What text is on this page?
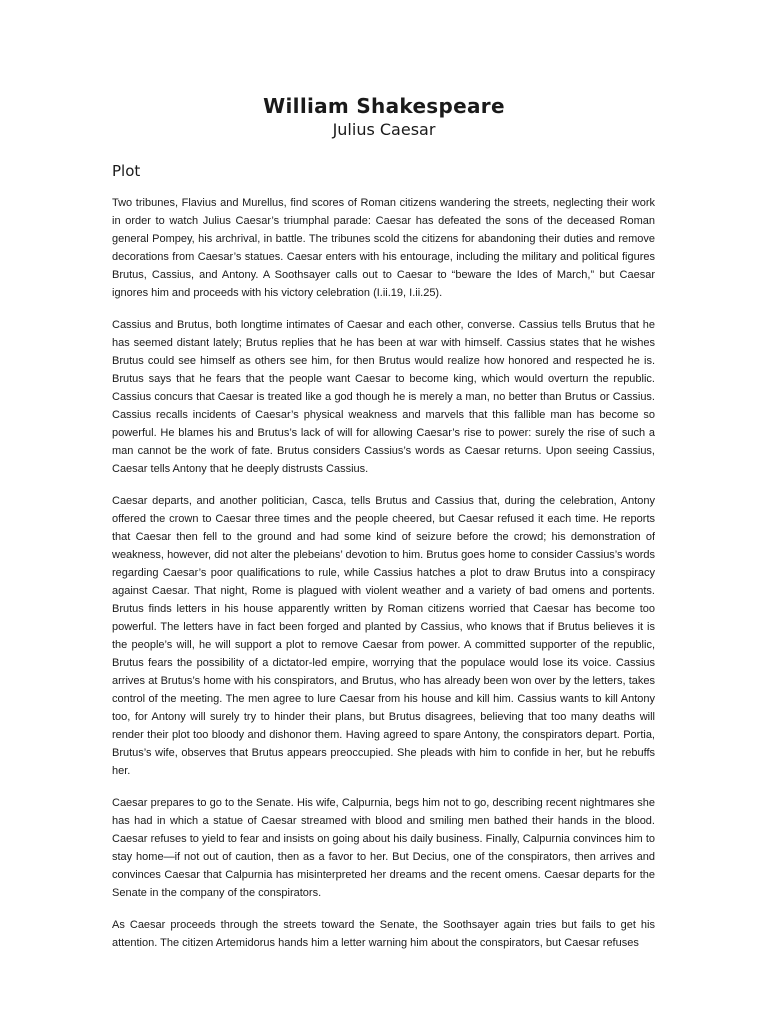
William Shakespeare
Julius Caesar
Plot

Two tribunes, Flavius and Murellus, find scores of Roman citizens wandering the streets, neglecting their work in order to watch Julius Caesar’s triumphal parade: Caesar has defeated the sons of the deceased Roman general Pompey, his archrival, in battle. The tribunes scold the citizens for abandoning their duties and remove decorations from Caesar’s statues. Caesar enters with his entourage, including the military and political figures Brutus, Cassius, and Antony. A Soothsayer calls out to Caesar to “beware the Ides of March,” but Caesar ignores him and proceeds with his victory celebration (I.ii.19, I.ii.25).

Cassius and Brutus, both longtime intimates of Caesar and each other, converse. Cassius tells Brutus that he has seemed distant lately; Brutus replies that he has been at war with himself. Cassius states that he wishes Brutus could see himself as others see him, for then Brutus would realize how honored and respected he is. Brutus says that he fears that the people want Caesar to become king, which would overturn the republic. Cassius concurs that Caesar is treated like a god though he is merely a man, no better than Brutus or Cassius. Cassius recalls incidents of Caesar’s physical weakness and marvels that this fallible man has become so powerful. He blames his and Brutus’s lack of will for allowing Caesar’s rise to power: surely the rise of such a man cannot be the work of fate. Brutus considers Cassius’s words as Caesar returns. Upon seeing Cassius, Caesar tells Antony that he deeply distrusts Cassius.

Caesar departs, and another politician, Casca, tells Brutus and Cassius that, during the celebration, Antony offered the crown to Caesar three times and the people cheered, but Caesar refused it each time. He reports that Caesar then fell to the ground and had some kind of seizure before the crowd; his demonstration of weakness, however, did not alter the plebeians’ devotion to him. Brutus goes home to consider Cassius’s words regarding Caesar’s poor qualifications to rule, while Cassius hatches a plot to draw Brutus into a conspiracy against Caesar. That night, Rome is plagued with violent weather and a variety of bad omens and portents. Brutus finds letters in his house apparently written by Roman citizens worried that Caesar has become too powerful. The letters have in fact been forged and planted by Cassius, who knows that if Brutus believes it is the people’s will, he will support a plot to remove Caesar from power. A committed supporter of the republic, Brutus fears the possibility of a dictator-led empire, worrying that the populace would lose its voice. Cassius arrives at Brutus’s home with his conspirators, and Brutus, who has already been won over by the letters, takes control of the meeting. The men agree to lure Caesar from his house and kill him. Cassius wants to kill Antony too, for Antony will surely try to hinder their plans, but Brutus disagrees, believing that too many deaths will render their plot too bloody and dishonor them. Having agreed to spare Antony, the conspirators depart. Portia, Brutus’s wife, observes that Brutus appears preoccupied. She pleads with him to confide in her, but he rebuffs her.

Caesar prepares to go to the Senate. His wife, Calpurnia, begs him not to go, describing recent nightmares she has had in which a statue of Caesar streamed with blood and smiling men bathed their hands in the blood. Caesar refuses to yield to fear and insists on going about his daily business. Finally, Calpurnia convinces him to stay home—if not out of caution, then as a favor to her. But Decius, one of the conspirators, then arrives and convinces Caesar that Calpurnia has misinterpreted her dreams and the recent omens. Caesar departs for the Senate in the company of the conspirators.

As Caesar proceeds through the streets toward the Senate, the Soothsayer again tries but fails to get his attention. The citizen Artemidorus hands him a letter warning him about the conspirators, but Caesar refuses
